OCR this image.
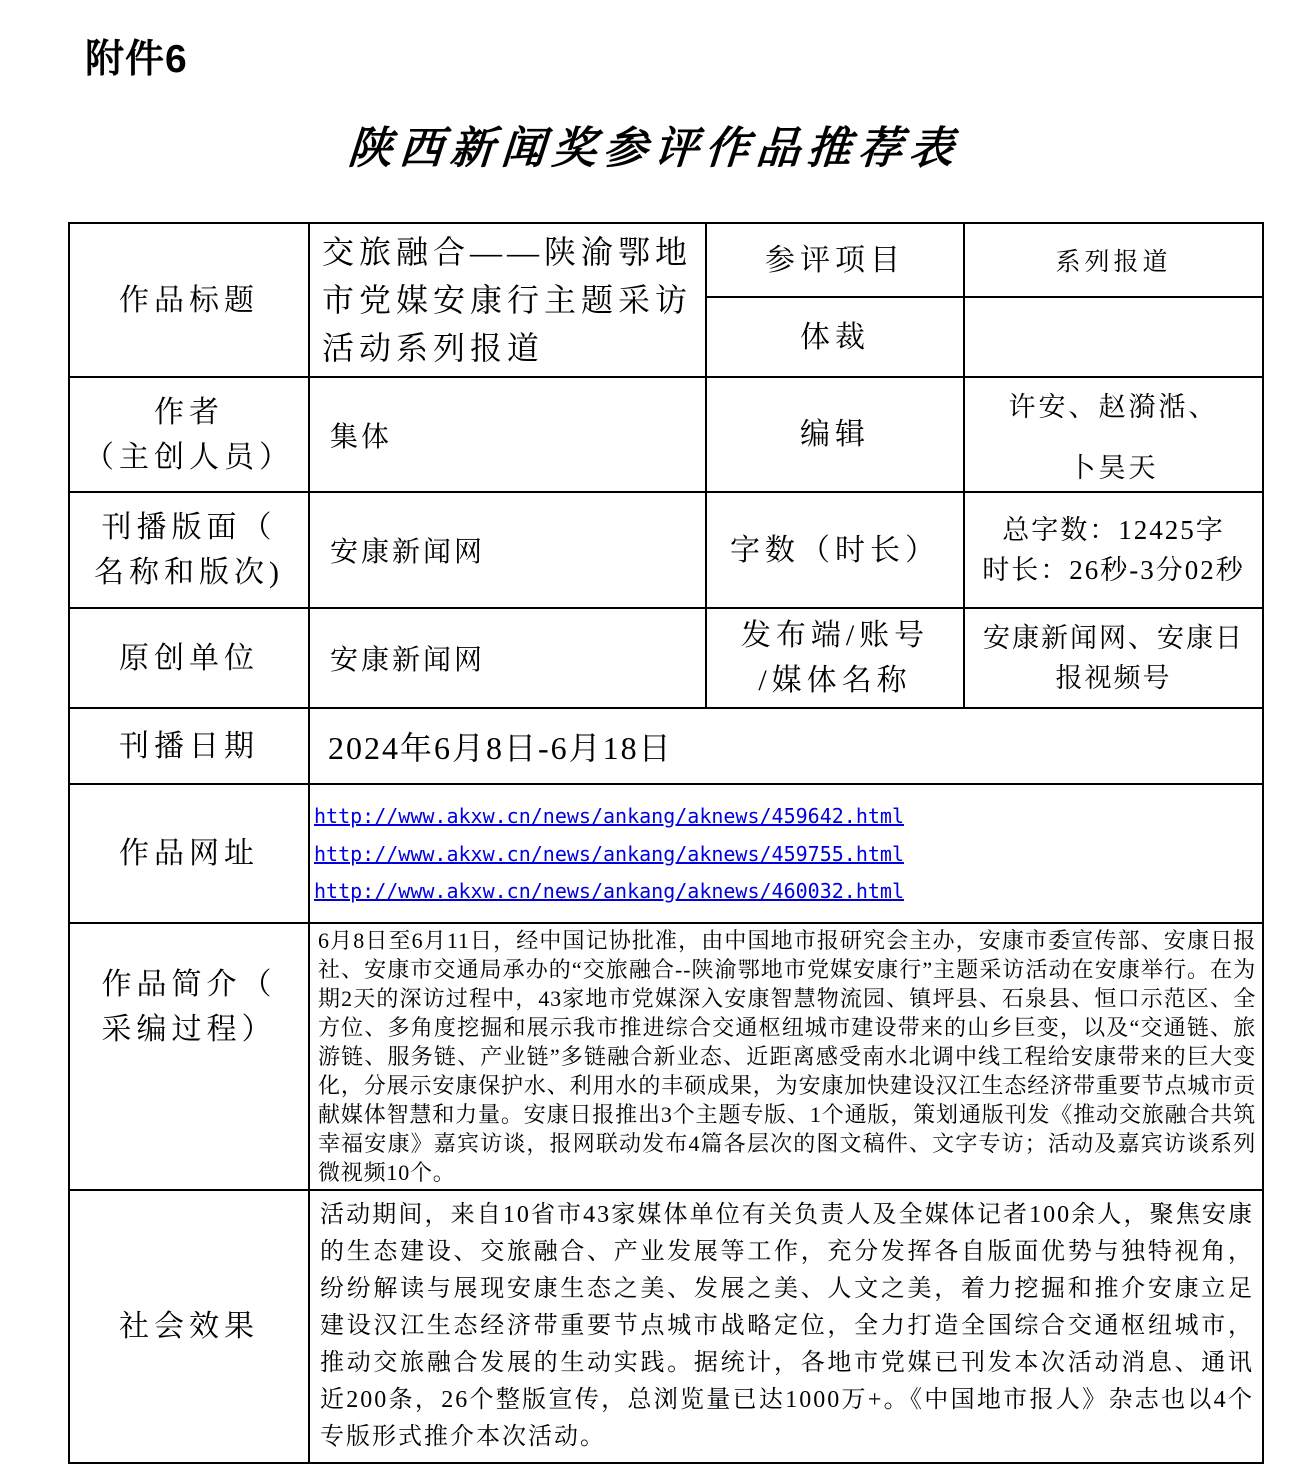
附件6
陕西新闻奖参评作品推荐表
作品标题	交旅融合——陕渝鄂地市党媒安康行主题采访活动系列报道	参评项目	系列报道
		体裁	

作者
（主创人员）	集体	编辑	许安、赵漪湉、
卜昊天

刊播版面（
名称和版次)	安康新闻网	字数（时长）	总字数：12425字
时长：26秒-3分02秒

原创单位	安康新闻网	发布端/账号
/媒体名称	安康新闻网、安康日报视频号
刊播日期	2024年6月8日-6月18日		
作品网址	http://www.akxw.cn/news/ankang/aknews/459642.html
http://www.akxw.cn/news/ankang/aknews/459755.html
http://www.akxw.cn/news/ankang/aknews/460032.html		

作品简介（
采编过程）	6月8日至6月11日，经中国记协批准，由中国地市报研究会主办，安康市委宣传部、安康日报社、安康市交通局承办的“交旅融合--陕渝鄂地市党媒安康行”主题采访活动在安康举行。在为期2天的深访过程中，43家地市党媒深入安康智慧物流园、镇坪县、石泉县、恒口示范区、全方位、多角度挖掘和展示我市推进综合交通枢纽城市建设带来的山乡巨变，以及“交通链、旅游链、服务链、产业链”多链融合新业态、近距离感受南水北调中线工程给安康带来的巨大变化，分展示安康保护水、利用水的丰硕成果，为安康加快建设汉江生态经济带重要节点城市贡献媒体智慧和力量。安康日报推出3个主题专版、1个通版，策划通版刊发《推动交旅融合共筑幸福安康》嘉宾访谈，报网联动发布4篇各层次的图文稿件、文字专访；活动及嘉宾访谈系列微视频10个。		

社会效果	活动期间，来自10省市43家媒体单位有关负责人及全媒体记者100余人，聚焦安康的生态建设、交旅融合、产业发展等工作，充分发挥各自版面优势与独特视角，纷纷解读与展现安康生态之美、发展之美、人文之美，着力挖掘和推介安康立足建设汉江生态经济带重要节点城市战略定位，全力打造全国综合交通枢纽城市，推动交旅融合发展的生动实践。据统计，各地市党媒已刊发本次活动消息、通讯近200条，26个整版宣传，总浏览量已达1000万+。《中国地市报人》杂志也以4个专版形式推介本次活动。		
